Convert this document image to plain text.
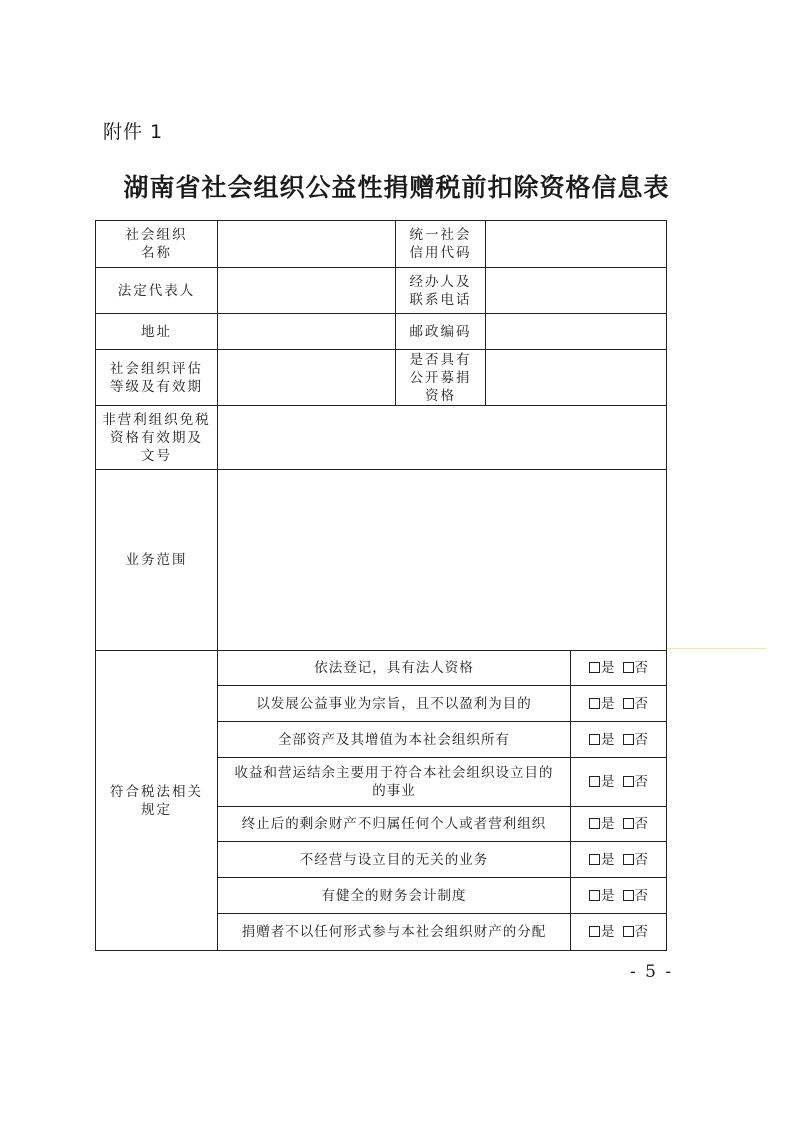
附件 1
湖南省社会组织公益性捐赠税前扣除资格信息表
社会组织
名称		统一社会
信用代码		
法定代表人		经办人及
联系电话		
地址		邮政编码		
社会组织评估
等级及有效期		是否具有
公开募捐
资格		
非营利组织免税
资格有效期及
文号				
业务范围				
符合税法相关
规定	依法登记，具有法人资格			是 否
	以发展公益事业为宗旨，且不以盈利为目的			是 否
	全部资产及其增值为本社会组织所有			是 否
	收益和营运结余主要用于符合本社会组织设立目的
的事业			是 否
	终止后的剩余财产不归属任何个人或者营利组织			是 否
	不经营与设立目的无关的业务			是 否
	有健全的财务会计制度			是 否
	捐赠者不以任何形式参与本社会组织财产的分配			是 否
- 5 -
